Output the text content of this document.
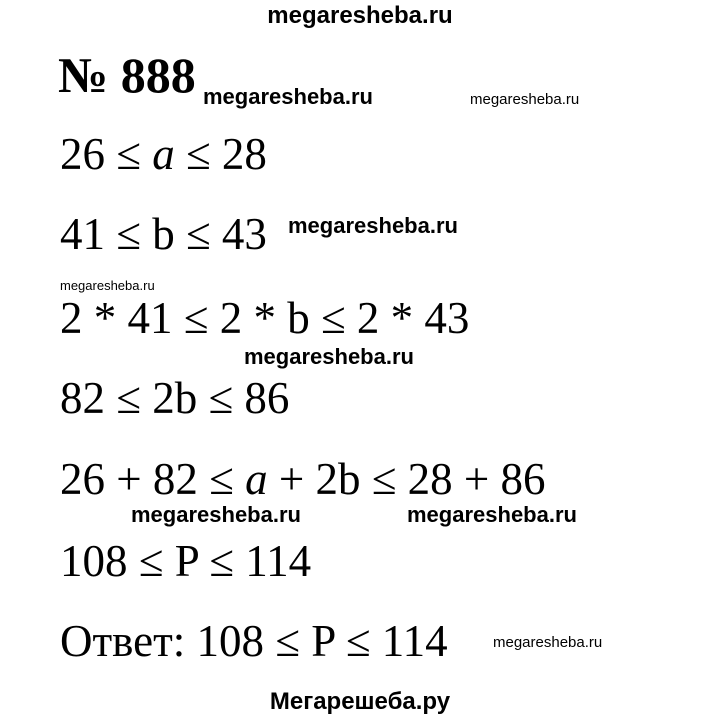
megaresheba.ru
№ 888 megaresheba.ru	megaresheba.ru
26 ≤ a ≤ 28
41 ≤ b ≤ 43 megaresheba.ru
megaresheba.ru
2 * 41 ≤ 2 * b ≤ 2 * 43
megaresheba.ru
82 ≤ 2b ≤ 86
26 + 82 ≤ a + 2b ≤ 28 + 86
megaresheba.ru	megaresheba.ru
108 ≤ P ≤ 114
Ответ: 108 ≤ P ≤ 114	megaresheba.ru
Мегарешеба.ру
